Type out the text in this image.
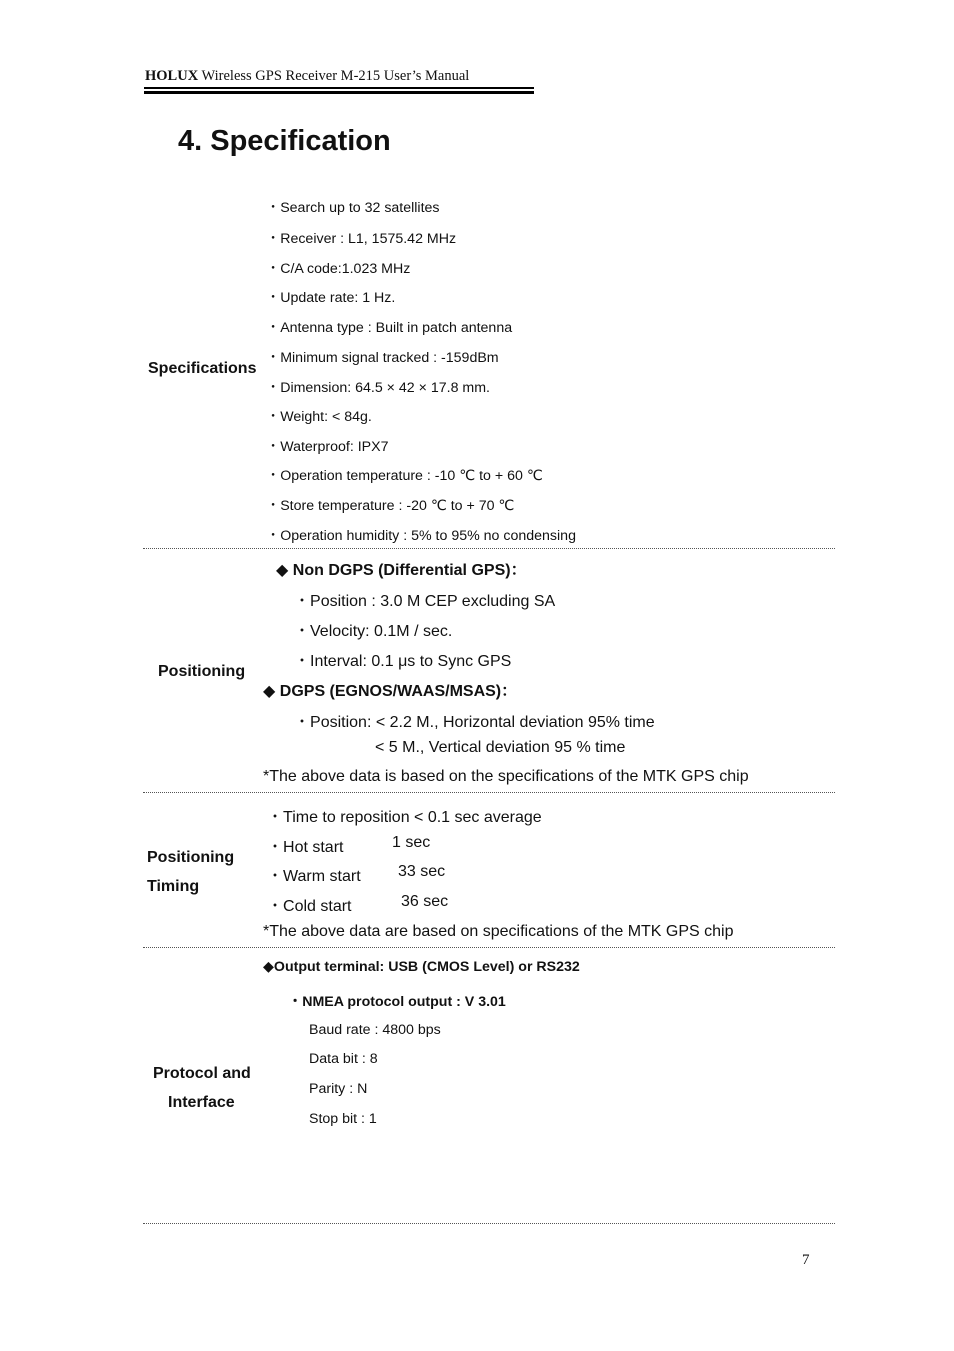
HOLUX Wireless GPS Receiver M-215 User’s Manual
4. Specification
Specifications
・Search up to 32 satellites
・Receiver : L1, 1575.42 MHz
・C/A code:1.023 MHz
・Update rate: 1 Hz.
・Antenna type : Built in patch antenna
・Minimum signal tracked : -159dBm
・Dimension: 64.5 × 42 × 17.8 mm.
・Weight: < 84g.
・Waterproof: IPX7
・Operation temperature : -10 ℃ to + 60 ℃
・Store temperature : -20 ℃ to + 70 ℃
・Operation humidity : 5% to 95% no condensing
Positioning
◆ Non DGPS (Differential GPS)：
・Position : 3.0 M CEP excluding SA
・Velocity: 0.1M / sec.
・Interval: 0.1 μs to Sync GPS
◆ DGPS (EGNOS/WAAS/MSAS)：
・Position: < 2.2 M., Horizontal deviation 95% time
< 5 M., Vertical deviation 95 % time
*The above data is based on the specifications of the MTK GPS chip
Positioning
Timing
・Time to reposition < 0.1 sec average
・Hot start	1 sec
・Warm start 33 sec
・Cold start	36 sec
*The above data are based on specifications of the MTK GPS chip
Protocol and
Interface
◆Output terminal: USB (CMOS Level) or RS232
・NMEA protocol output : V 3.01
Baud rate : 4800 bps
Data bit : 8
Parity : N
Stop bit : 1
7
